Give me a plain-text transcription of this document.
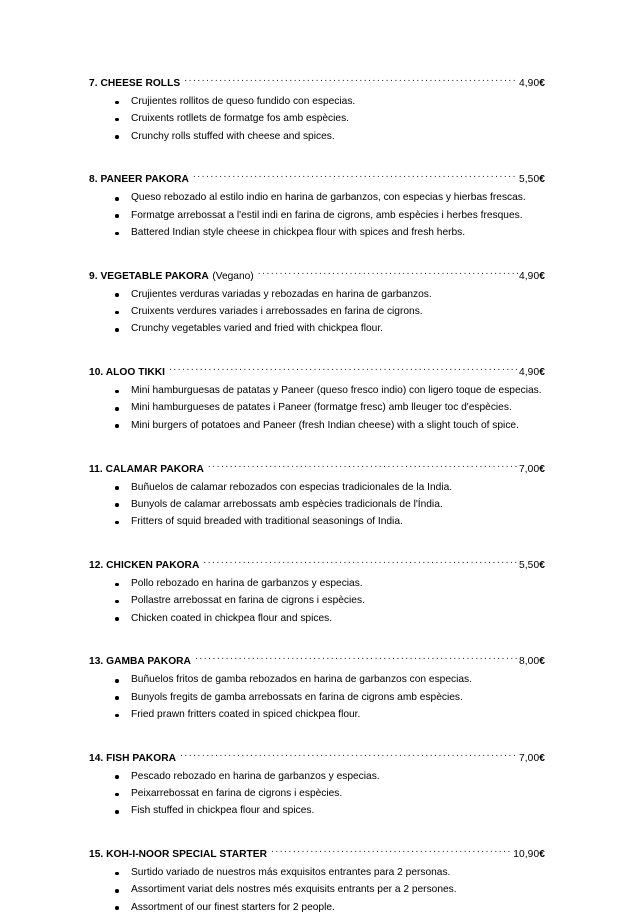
7. CHEESE ROLLS .....	4,90€
Crujientes rollitos de queso fundido con especias.
Cruixents rotllets de formatge fos amb espècies.
Crunchy rolls stuffed with cheese and spices.
8. PANEER PAKORA .....	5,50€
Queso rebozado al estilo indio en harina de garbanzos, con especias y hierbas frescas.
Formatge arrebossat a l'estil indi en farina de cigrons, amb espècies i herbes fresques.
Battered Indian style cheese in chickpea flour with spices and fresh herbs.
9. VEGETABLE PAKORA (Vegano) .....	4,90€
Crujientes verduras variadas y rebozadas en harina de garbanzos.
Cruixents verdures variades i arrebossades en farina de cigrons.
Crunchy vegetables varied and fried with chickpea flour.
10. ALOO TIKKI .....	4,90€
Mini hamburguesas de patatas y Paneer (queso fresco indio) con ligero toque de especias.
Mini hamburgueses de patates i Paneer (formatge fresc) amb lleuger toc d'espècies.
Mini burgers of potatoes and Paneer (fresh Indian cheese) with a slight touch of spice.
11. CALAMAR PAKORA .....	7,00€
Buñuelos de calamar rebozados con especias tradicionales de la India.
Bunyols de calamar arrebossats amb espècies tradicionals de l'Índia.
Fritters of squid breaded with traditional seasonings of India.
12. CHICKEN PAKORA .....	5,50€
Pollo rebozado en harina de garbanzos y especias.
Pollastre arrebossat en farina de cigrons i espècies.
Chicken coated in chickpea flour and spices.
13. GAMBA PAKORA .....	8,00€
Buñuelos fritos de gamba rebozados en harina de garbanzos con especias.
Bunyols fregits de gamba arrebossats en farina de cigrons amb espècies.
Fried prawn fritters coated in spiced chickpea flour.
14. FISH PAKORA .....	7,00€
Pescado rebozado en harina de garbanzos y especias.
Peixarrebossat en farina de cigrons i espècies.
Fish stuffed in chickpea flour and spices.
15. KOH-I-NOOR SPECIAL STARTER .....	10,90€
Surtido variado de nuestros más exquisitos entrantes para 2 personas.
Assortiment variat dels nostres més exquisits entrants per a 2 persones.
Assortment of our finest starters for 2 people.
